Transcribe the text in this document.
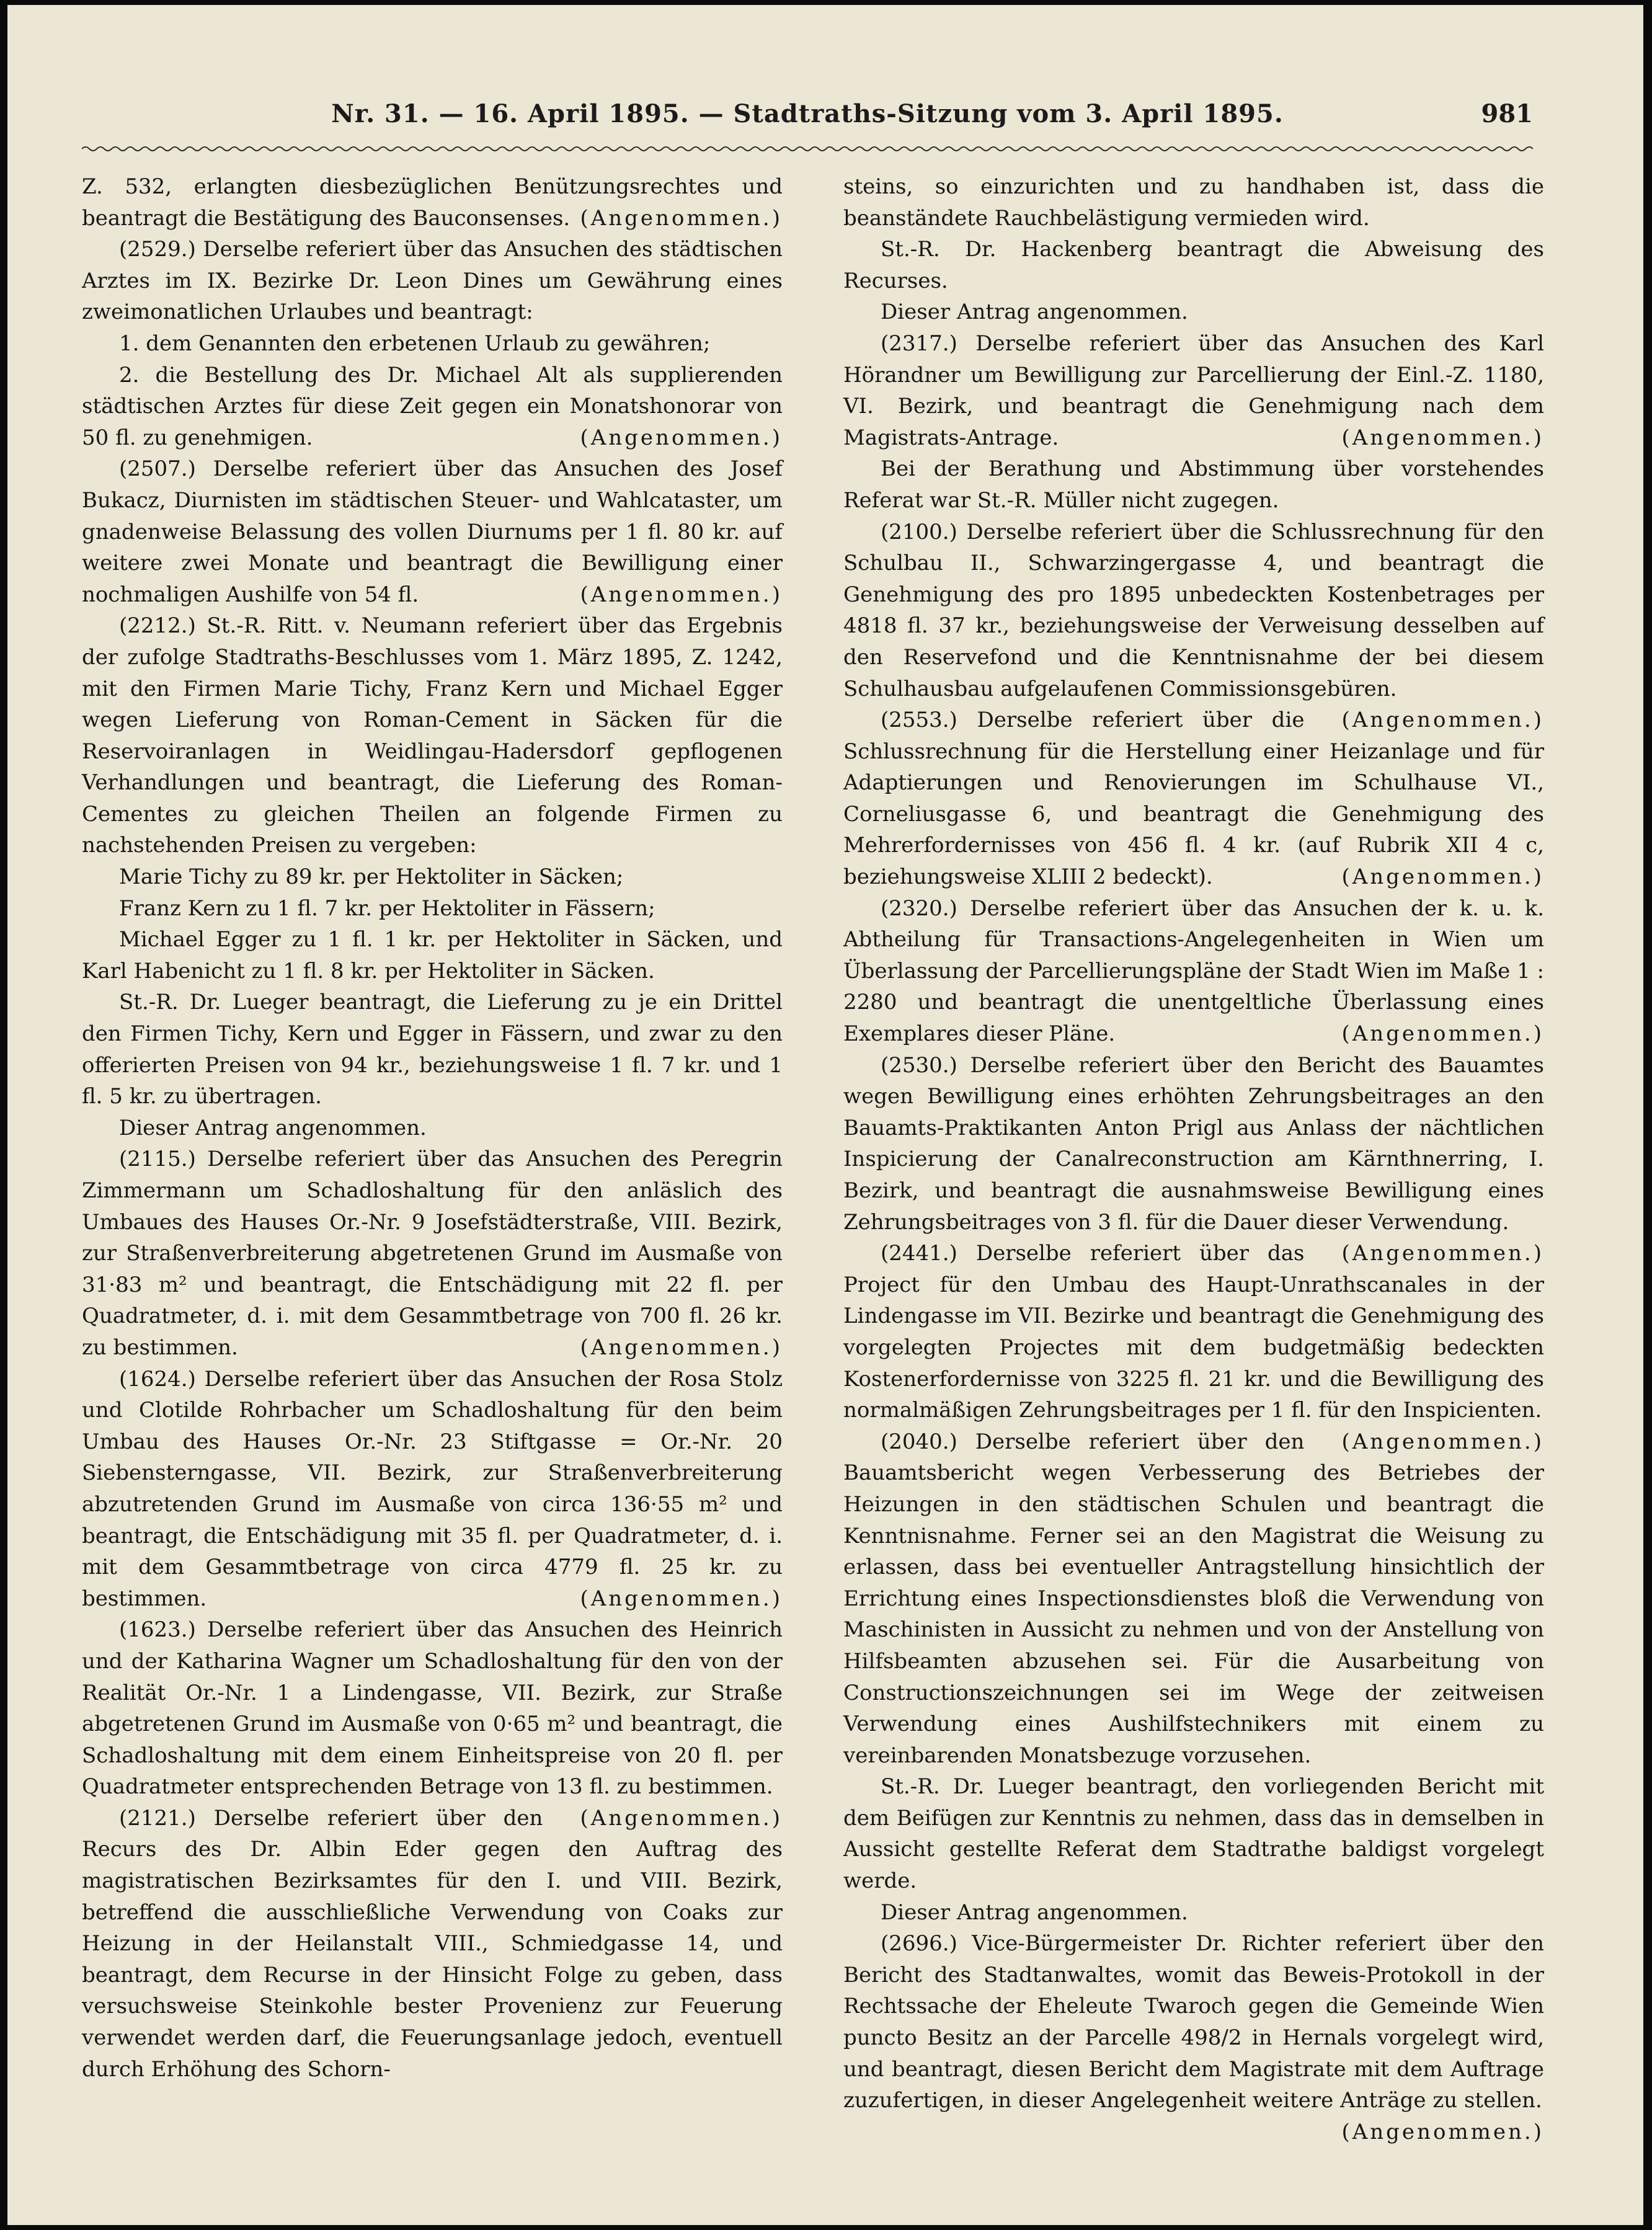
Nr. 31. — 16. April 1895. — Stadtraths-Sitzung vom 3. April 1895.	981

Z. 532, erlangten diesbezüglichen Benützungsrechtes und beantragt die Bestätigung des Bauconsenses. (Angenommen.)

(2529.) Derselbe referiert über das Ansuchen des städtischen Arztes im IX. Bezirke Dr. Leon Dines um Gewährung eines zweimonatlichen Urlaubes und beantragt:

1. dem Genannten den erbetenen Urlaub zu gewähren;

2. die Bestellung des Dr. Michael Alt als supplierenden städtischen Arztes für diese Zeit gegen ein Monatshonorar von 50 fl. zu genehmigen.	(Angenommen.)

(2507.) Derselbe referiert über das Ansuchen des Josef Bukacz, Diurnisten im städtischen Steuer- und Wahlcataster, um gnadenweise Belassung des vollen Diurnums per 1 fl. 80 kr. auf weitere zwei Monate und beantragt die Bewilligung einer nochmaligen Aushilfe von 54 fl.	(Angenommen.)

(2212.) St.-R. Ritt. v. Neumann referiert über das Ergebnis der zufolge Stadtraths-Beschlusses vom 1. März 1895, Z. 1242, mit den Firmen Marie Tichy, Franz Kern und Michael Egger wegen Lieferung von Roman-Cement in Säcken für die Reservoiranlagen in Weidlingau-Hadersdorf gepflogenen Verhandlungen und beantragt, die Lieferung des Roman-Cementes zu gleichen Theilen an folgende Firmen zu nachstehenden Preisen zu vergeben:

Marie Tichy zu 89 kr. per Hektoliter in Säcken;

Franz Kern zu 1 fl. 7 kr. per Hektoliter in Fässern;

Michael Egger zu 1 fl. 1 kr. per Hektoliter in Säcken, und Karl Habenicht zu 1 fl. 8 kr. per Hektoliter in Säcken.

St.-R. Dr. Lueger beantragt, die Lieferung zu je ein Drittel den Firmen Tichy, Kern und Egger in Fässern, und zwar zu den offerierten Preisen von 94 kr., beziehungsweise 1 fl. 7 kr. und 1 fl. 5 kr. zu übertragen.

Dieser Antrag angenommen.

(2115.) Derselbe referiert über das Ansuchen des Peregrin Zimmermann um Schadloshaltung für den anläslich des Umbaues des Hauses Or.-Nr. 9 Josefstädterstraße, VIII. Bezirk, zur Straßenverbreiterung abgetretenen Grund im Ausmaße von 31·83 m² und beantragt, die Entschädigung mit 22 fl. per Quadratmeter, d. i. mit dem Gesammtbetrage von 700 fl. 26 kr. zu bestimmen.	(Angenommen.)

(1624.) Derselbe referiert über das Ansuchen der Rosa Stolz und Clotilde Rohrbacher um Schadloshaltung für den beim Umbau des Hauses Or.-Nr. 23 Stiftgasse = Or.-Nr. 20 Siebensterngasse, VII. Bezirk, zur Straßenverbreiterung abzutretenden Grund im Ausmaße von circa 136·55 m² und beantragt, die Entschädigung mit 35 fl. per Quadratmeter, d. i. mit dem Gesammtbetrage von circa 4779 fl. 25 kr. zu bestimmen.	(Angenommen.)

(1623.) Derselbe referiert über das Ansuchen des Heinrich und der Katharina Wagner um Schadloshaltung für den von der Realität Or.-Nr. 1 a Lindengasse, VII. Bezirk, zur Straße abgetretenen Grund im Ausmaße von 0·65 m² und beantragt, die Schadloshaltung mit dem einem Einheitspreise von 20 fl. per Quadratmeter entsprechenden Betrage von 13 fl. zu bestimmen.
(Angenommen.)

(2121.) Derselbe referiert über den Recurs des Dr. Albin Eder gegen den Auftrag des magistratischen Bezirksamtes für den I. und VIII. Bezirk, betreffend die ausschließliche Verwendung von Coaks zur Heizung in der Heilanstalt VIII., Schmiedgasse 14, und beantragt, dem Recurse in der Hinsicht Folge zu geben, dass versuchsweise Steinkohle bester Provenienz zur Feuerung verwendet werden darf, die Feuerungsanlage jedoch, eventuell durch Erhöhung des Schorn-

steins, so einzurichten und zu handhaben ist, dass die beanständete Rauchbelästigung vermieden wird.

St.-R. Dr. Hackenberg beantragt die Abweisung des Recurses.

Dieser Antrag angenommen.

(2317.) Derselbe referiert über das Ansuchen des Karl Hörandner um Bewilligung zur Parcellierung der Einl.-Z. 1180, VI. Bezirk, und beantragt die Genehmigung nach dem Magistrats-Antrage.	(Angenommen.)

Bei der Berathung und Abstimmung über vorstehendes Referat war St.-R. Müller nicht zugegen.

(2100.) Derselbe referiert über die Schlussrechnung für den Schulbau II., Schwarzingergasse 4, und beantragt die Genehmigung des pro 1895 unbedeckten Kostenbetrages per 4818 fl. 37 kr., beziehungsweise der Verweisung desselben auf den Reservefond und die Kenntnisnahme der bei diesem Schulhausbau aufgelaufenen Commissionsgebüren.
(Angenommen.)

(2553.) Derselbe referiert über die Schlussrechnung für die Herstellung einer Heizanlage und für Adaptierungen und Renovierungen im Schulhause VI., Corneliusgasse 6, und beantragt die Genehmigung des Mehrerfordernisses von 456 fl. 4 kr. (auf Rubrik XII 4 c, beziehungsweise XLIII 2 bedeckt).	(Angenommen.)

(2320.) Derselbe referiert über das Ansuchen der k. u. k. Abtheilung für Transactions-Angelegenheiten in Wien um Überlassung der Parcellierungspläne der Stadt Wien im Maße 1 : 2280 und beantragt die unentgeltliche Überlassung eines Exemplares dieser Pläne.	(Angenommen.)

(2530.) Derselbe referiert über den Bericht des Bauamtes wegen Bewilligung eines erhöhten Zehrungsbeitrages an den Bauamts-Praktikanten Anton Prigl aus Anlass der nächtlichen Inspicierung der Canalreconstruction am Kärnthnerring, I. Bezirk, und beantragt die ausnahmsweise Bewilligung eines Zehrungsbeitrages von 3 fl. für die Dauer dieser Verwendung.
(Angenommen.)

(2441.) Derselbe referiert über das Project für den Umbau des Haupt-Unrathscanales in der Lindengasse im VII. Bezirke und beantragt die Genehmigung des vorgelegten Projectes mit dem budgetmäßig bedeckten Kostenerfordernisse von 3225 fl. 21 kr. und die Bewilligung des normalmäßigen Zehrungsbeitrages per 1 fl. für den Inspicienten.
(Angenommen.)

(2040.) Derselbe referiert über den Bauamtsbericht wegen Verbesserung des Betriebes der Heizungen in den städtischen Schulen und beantragt die Kenntnisnahme. Ferner sei an den Magistrat die Weisung zu erlassen, dass bei eventueller Antragstellung hinsichtlich der Errichtung eines Inspectionsdienstes bloß die Verwendung von Maschinisten in Aussicht zu nehmen und von der Anstellung von Hilfsbeamten abzusehen sei. Für die Ausarbeitung von Constructionszeichnungen sei im Wege der zeitweisen Verwendung eines Aushilfstechnikers mit einem zu vereinbarenden Monatsbezuge vorzusehen.

St.-R. Dr. Lueger beantragt, den vorliegenden Bericht mit dem Beifügen zur Kenntnis zu nehmen, dass das in demselben in Aussicht gestellte Referat dem Stadtrathe baldigst vorgelegt werde.

Dieser Antrag angenommen.

(2696.) Vice-Bürgermeister Dr. Richter referiert über den Bericht des Stadtanwaltes, womit das Beweis-Protokoll in der Rechtssache der Eheleute Twaroch gegen die Gemeinde Wien puncto Besitz an der Parcelle 498/2 in Hernals vorgelegt wird, und beantragt, diesen Bericht dem Magistrate mit dem Auftrage zuzufertigen, in dieser Angelegenheit weitere Anträge zu stellen.
(Angenommen.)
